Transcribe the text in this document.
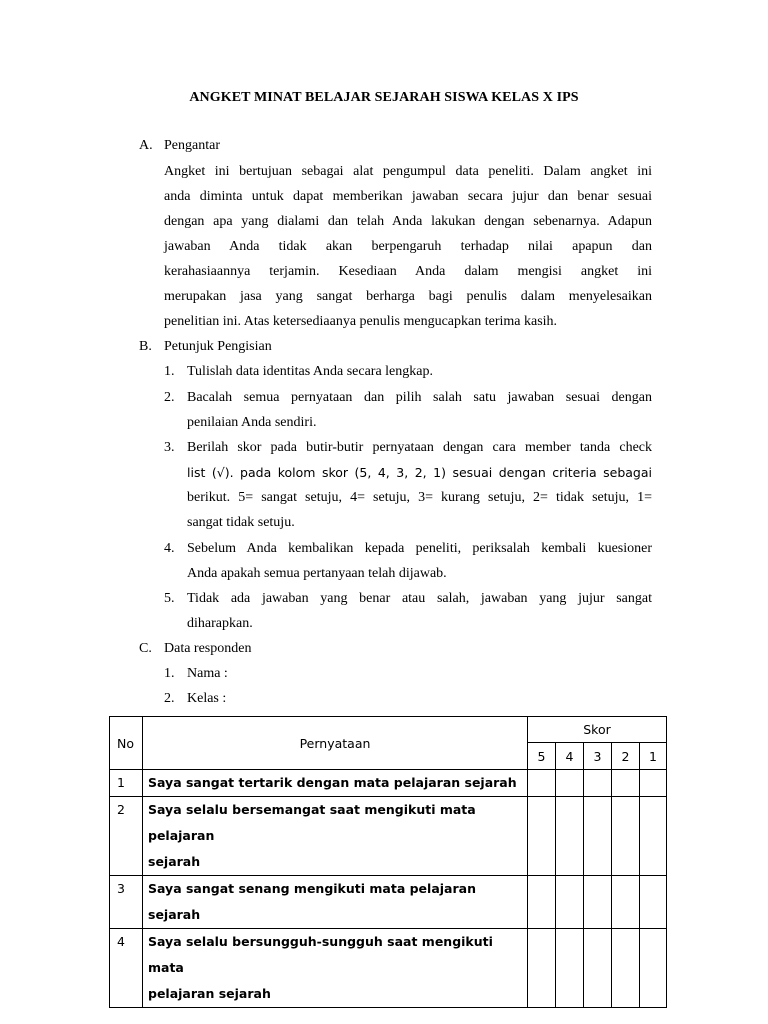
ANGKET MINAT BELAJAR SEJARAH SISWA KELAS X IPS
A. Pengantar
Angket ini bertujuan sebagai alat pengumpul data peneliti. Dalam angket ini
anda diminta untuk dapat memberikan jawaban secara jujur dan benar sesuai
dengan apa yang dialami dan telah Anda lakukan dengan sebenarnya. Adapun
jawaban Anda tidak akan berpengaruh terhadap nilai apapun dan
kerahasiaannya terjamin. Kesediaan Anda dalam mengisi angket ini
merupakan jasa yang sangat berharga bagi penulis dalam menyelesaikan
penelitian ini. Atas ketersediaanya penulis mengucapkan terima kasih.
B. Petunjuk Pengisian
1. Tulislah data identitas Anda secara lengkap.
2. Bacalah semua pernyataan dan pilih salah satu jawaban sesuai dengan
penilaian Anda sendiri.
3. Berilah skor pada butir-butir pernyataan dengan cara member tanda check
list (√). pada kolom skor (5, 4, 3, 2, 1) sesuai dengan criteria sebagai
berikut. 5= sangat setuju, 4= setuju, 3= kurang setuju, 2= tidak setuju, 1=
sangat tidak setuju.
4. Sebelum Anda kembalikan kepada peneliti, periksalah kembali kuesioner
Anda apakah semua pertanyaan telah dijawab.
5. Tidak ada jawaban yang benar atau salah, jawaban yang jujur sangat
diharapkan.
C. Data responden
1. Nama :
2. Kelas :
No	Pernyataan	Skor				
		5	4	3	2	1
1	Saya sangat tertarik dengan mata pelajaran sejarah					
2	Saya selalu bersemangat saat mengikuti mata pelajaran
sejarah					

3	Saya sangat senang mengikuti mata pelajaran sejarah					
4	Saya selalu bersungguh-sungguh saat mengikuti mata
pelajaran sejarah					
